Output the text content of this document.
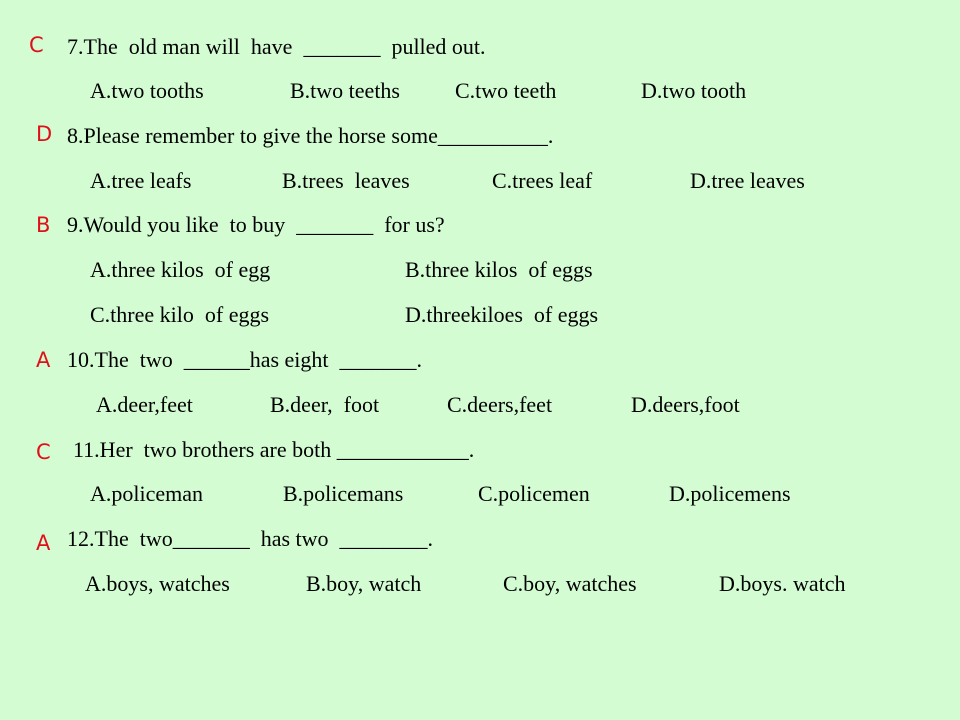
C 7.The  old man will  have  _______  pulled out.
A.two tooths	B.two teeths	C.two teeth	D.two tooth
D 8.Please remember to give the horse some__________.
A.tree leafs	B.trees  leaves	C.trees leaf	D.tree leaves
B 9.Would you like  to buy  _______  for us?
A.three kilos  of egg	B.three kilos  of eggs
C.three kilo  of eggs	D.threekiloes  of eggs
A 10.The  two  ______has eight  _______.
A.deer,feet	B.deer,  foot	C.deers,feet	D.deers,foot
C 11.Her  two brothers are both ____________.
A.policeman	B.policemans	C.policemen	D.policemens
A 12.The  two_______  has two  ________.
A.boys, watches	B.boy, watch	C.boy, watches	D.boys. watch
